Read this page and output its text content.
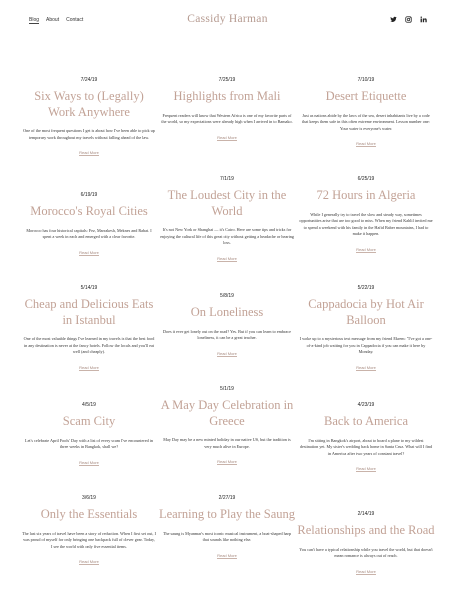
Blog About Contact	Cassidy Harman
7/24/19
Six Ways to (Legally) Work Anywhere
One of the most frequent questions I get is about how I've been able to pick up temporary work throughout my travels without falling ahead of the law.
Read More
7/25/19
Highlights from Mali
Frequent readers will know that Western Africa is one of my favorite parts of the world, so my expectations were already high when I arrived in to Bamako.
Read More
7/10/19
Desert Etiquette
Just as nations abide by the laws of the sea, desert inhabitants live by a code that keeps them safe in this often extreme environment. Lesson number one: Your water is everyone's water.
Read More
6/19/19
Morocco's Royal Cities
Morocco has four historical capitals: Fez, Marrakesh, Meknes and Rabat. I spent a week in each and emerged with a clear favorite.
Read More
7/1/19
The Loudest City in the World
It's not New York or Shanghai — it's Cairo. Here are some tips and tricks for enjoying the cultural life of this great city without getting a headache or hearing loss.
Read More
6/25/19
72 Hours in Algeria
While I generally try to travel the slow and steady way, sometimes opportunities arise that are too good to miss. When my friend Kahlil invited me to spend a weekend with his family in the Hafid Baber mountains, I had to make it happen.
Read More
5/14/19
Cheap and Delicious Eats in Istanbul
One of the most valuable things I've learned in my travels is that the best food in any destination is never at the fancy hotels. Follow the locals and you'll eat well (and cheaply).
Read More
5/8/19
On Loneliness
Does it ever get lonely out on the road? Yes. But if you can learn to embrace loneliness, it can be a great teacher.
Read More
5/22/19
Cappadocia by Hot Air Balloon
I woke up to a mysterious text message from my friend Ekrem: "I've got a one-of-a-kind job waiting for you in Cappadocia if you can make it here by Monday.
Read More
4/5/19
Scam City
Let's celebrate April Fools' Day with a list of every scam I've encountered in three weeks in Bangkok, shall we?
Read More
5/1/19
A May Day Celebration in Greece
May Day may be a new minted holiday in our native US, but the tradition is very much alive in Europe.
Read More
4/23/19
Back to America
I'm sitting in Bangkok's airport, about to board a plane to my wildest destination yet. My sister's wedding back home in Santa Cruz. What will I find in America after two years of constant travel?
Read More
3/6/19
Only the Essentials
The last six years of travel have been a story of reduction. When I first set out, I was proud of myself for only bringing one backpack full of clever gear. Today, I see the world with only five essential items.
Read More
2/27/19
Learning to Play the Saung
The saung is Myanmar's most iconic musical instrument, a boat-shaped harp that sounds like nothing else.
Read More
2/14/19
Relationships and the Road
You can't have a typical relationship while you travel the world, but that doesn't mean romance is always out of reach.
Read More
